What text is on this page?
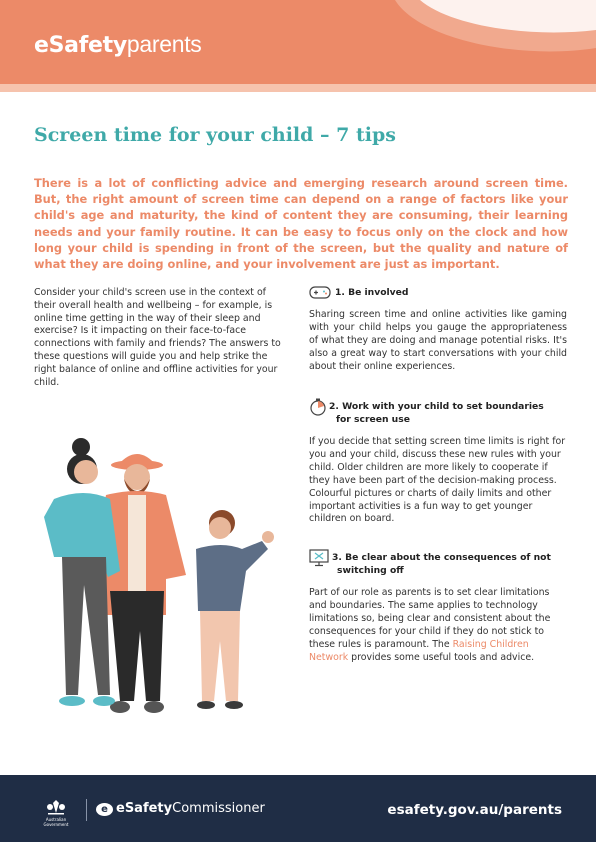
eSafetyparents
Screen time for your child – 7 tips
There is a lot of conflicting advice and emerging research around screen time. But, the right amount of screen time can depend on a range of factors like your child's age and maturity, the kind of content they are consuming, their learning needs and your family routine. It can be easy to focus only on the clock and how long your child is spending in front of the screen, but the quality and nature of what they are doing online, and your involvement are just as important.
Consider your child's screen use in the context of their overall health and wellbeing – for example, is online time getting in the way of their sleep and exercise? Is it impacting on their face-to-face connections with family and friends? The answers to these questions will guide you and help strike the right balance of online and offline activities for your child.
1. Be involved
Sharing screen time and online activities like gaming with your child helps you gauge the appropriateness of what they are doing and manage potential risks. It's also a great way to start conversations with your child about their online experiences.
2. Work with your child to set boundaries
for screen use
If you decide that setting screen time limits is right for you and your child, discuss these new rules with your child. Older children are more likely to cooperate if they have been part of the decision-making process. Colourful pictures or charts of daily limits and other important activities is a fun way to get younger children on board.
3. Be clear about the consequences of not
switching off
Part of our role as parents is to set clear limitations and boundaries. The same applies to technology limitations so, being clear and consistent about the consequences for your child if they do not stick to these rules is paramount. The Raising Children Network provides some useful tools and advice.
Australian Government
e eSafetyCommissioner	esafety.gov.au/parents
